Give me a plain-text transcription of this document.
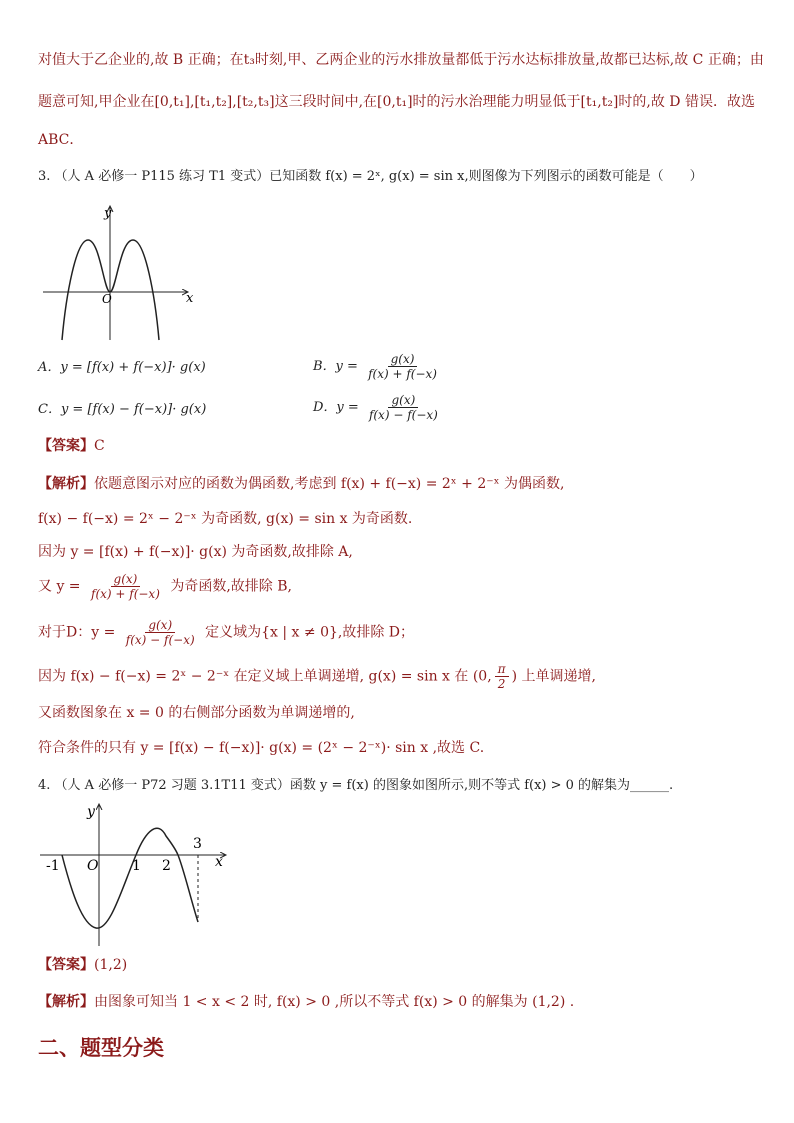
对值大于乙企业的,故 B 正确；在t₃时刻,甲、乙两企业的污水排放量都低于污水达标排放量,故都已达标,故 C 正确；由
题意可知,甲企业在[0,t₁],[t₁,t₂],[t₂,t₃]这三段时间中,在[0,t₁]时的污水治理能力明显低于[t₁,t₂]时的,故 D 错误．故选
ABC．
3. （人 A 必修一 P115 练习 T1 变式）已知函数 f(x) = 2ˣ, g(x) = sin x,则图像为下列图示的函数可能是（　　）
y
x
O
A．y = [f(x) + f(−x)]· g(x)	B．$y = \frac{g(x)}{f(x) + f(-x)}$
C．y = [f(x) − f(−x)]· g(x)	D．$y = \frac{g(x)}{f(x) - f(-x)}$
【答案】C
【解析】依题意图示对应的函数为偶函数,考虑到 f(x) + f(−x) = 2ˣ + 2⁻ˣ 为偶函数,
f(x) − f(−x) = 2ˣ − 2⁻ˣ 为奇函数, g(x) = sin x 为奇函数.
因为 y = [f(x) + f(−x)]· g(x) 为奇函数,故排除 A,
又 $y = \frac{g(x)}{f(x) + f(-x)}$ 为奇函数,故排除 B,
对于D：$y = \frac{g(x)}{f(x) - f(-x)}$ 定义域为{x | x ≠ 0},故排除 D；
因为 f(x) − f(−x) = 2ˣ − 2⁻ˣ 在定义域上单调递增, g(x) = sin x 在 (0, $\frac{\pi}{2}$ ) 上单调递增,
又函数图象在 x = 0 的右侧部分函数为单调递增的,
符合条件的只有 y = [f(x) − f(−x)]· g(x) = (2ˣ − 2⁻ˣ)· sin x ,故选 C.
4. （人 A 必修一 P72 习题 3.1T11 变式）函数 y = f(x) 的图象如图所示,则不等式 f(x) > 0 的解集为______.
y
x
O
-1	1 2
3
【答案】(1,2)
【解析】由图象可知当 1 < x < 2 时, f(x) > 0 ,所以不等式 f(x) > 0 的解集为 (1,2) .
二、题型分类
